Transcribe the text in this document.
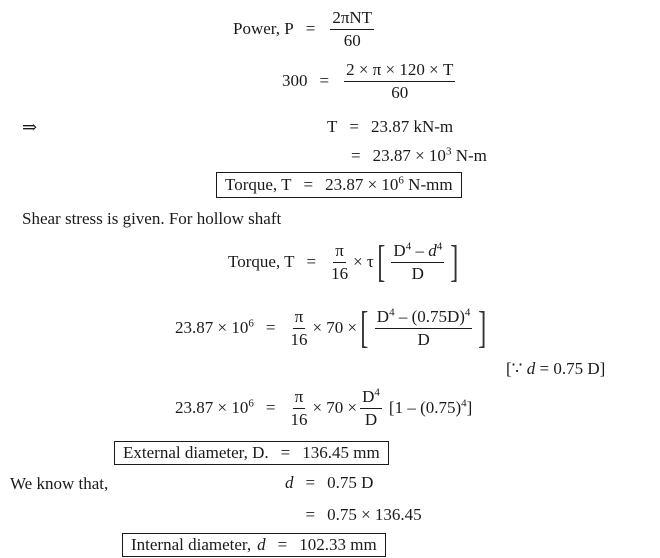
Power, $P = \frac{\text{2πNT}}{60}$
$300 = \frac{2 \times \pi \times 120 \times T}{60}$
⇒	T = 23.87 kN-m
= $23.87 \times 10^3$ N-m
Torque, $T = 23.87 \times 10^6$ N-mm
Shear stress is given. For hollow shaft
Torque, $T = \frac{\pi}{16} \times \tau$ [ $\frac{D^4 - d^4}{D}$ ]
$23.87 \times 10^6 = \frac{\pi}{16} \times 70$ × [ $\frac{D^4 - (0.75D)^4}{D}$ ]
[∵ d = 0.75 D]
$23.87 \times 10^6 = \frac{\pi}{16} \times 70 \times \frac{D^4}{D} [1 - (0.75)^4]$
External diameter, D. = 136.45 mm
We know that,	d = 0.75 D
= 0.75 × 136.45
Internal diameter, d = 102.33 mm
